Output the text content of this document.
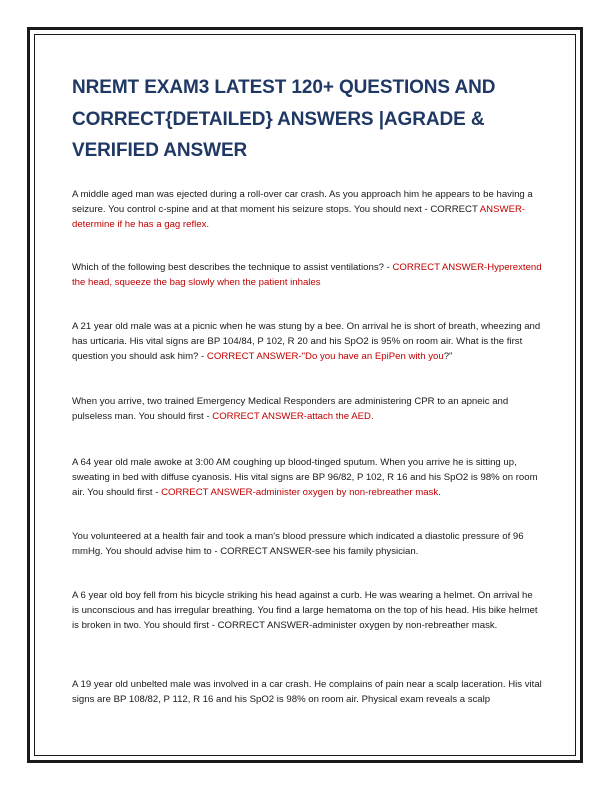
NREMT EXAM3 LATEST 120+ QUESTIONS AND
CORRECT{DETAILED} ANSWERS |AGRADE &
VERIFIED ANSWER

A middle aged man was ejected during a roll-over car crash. As you approach him he appears to be having a seizure. You control c-spine and at that moment his seizure stops. You should next - CORRECT ANSWER-determine if he has a gag reflex.

Which of the following best describes the technique to assist ventilations? - CORRECT ANSWER-Hyperextend the head, squeeze the bag slowly when the patient inhales

A 21 year old male was at a picnic when he was stung by a bee. On arrival he is short of breath, wheezing and has urticaria. His vital signs are BP 104/84, P 102, R 20 and his SpO2 is 95% on room air. What is the first question you should ask him? - CORRECT ANSWER-"Do you have an EpiPen with you?"

When you arrive, two trained Emergency Medical Responders are administering CPR to an apneic and pulseless man. You should first - CORRECT ANSWER-attach the AED.

A 64 year old male awoke at 3:00 AM coughing up blood-tinged sputum. When you arrive he is sitting up, sweating in bed with diffuse cyanosis. His vital signs are BP 96/82, P 102, R 16 and his SpO2 is 98% on room air. You should first - CORRECT ANSWER-administer oxygen by non-rebreather mask.

You volunteered at a health fair and took a man's blood pressure which indicated a diastolic pressure of 96 mmHg. You should advise him to - CORRECT ANSWER-see his family physician.

A 6 year old boy fell from his bicycle striking his head against a curb. He was wearing a helmet. On arrival he is unconscious and has irregular breathing. You find a large hematoma on the top of his head. His bike helmet is broken in two. You should first - CORRECT ANSWER-administer oxygen by non-rebreather mask.

A 19 year old unbelted male was involved in a car crash. He complains of pain near a scalp laceration. His vital signs are BP 108/82, P 112, R 16 and his SpO2 is 98% on room air. Physical exam reveals a scalp
